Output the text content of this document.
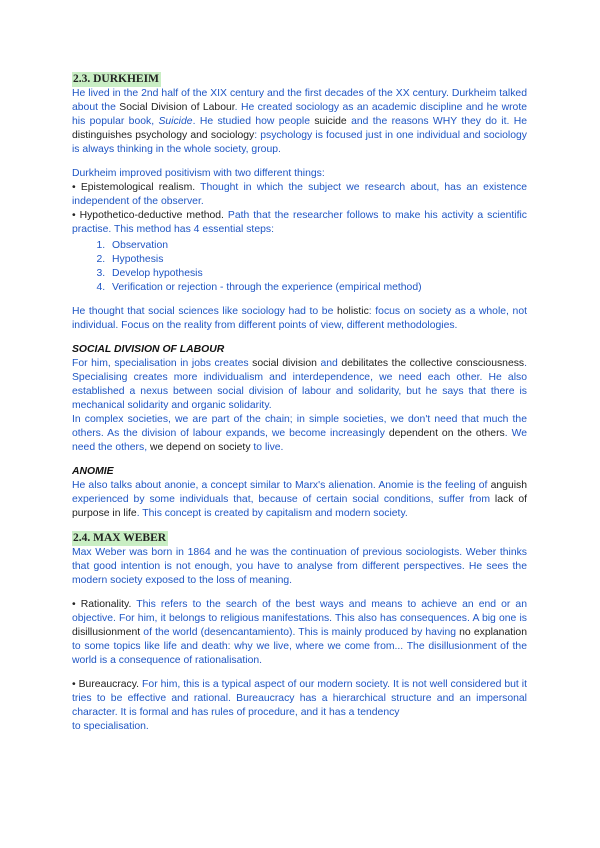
2.3. DURKHEIM

He lived in the 2nd half of the XIX century and the first decades of the XX century. Durkheim talked about the Social Division of Labour. He created sociology as an academic discipline and he wrote his popular book, Suicide. He studied how people suicide and the reasons WHY they do it. He distinguishes psychology and sociology: psychology is focused just in one individual and sociology is always thinking in the whole society, group.

Durkheim improved positivism with two different things:

• Epistemological realism. Thought in which the subject we research about, has an existence independent of the observer.

• Hypothetico-deductive method. Path that the researcher follows to make his activity a scientific practise. This method has 4 essential steps:

1. Observation
2. Hypothesis
3. Develop hypothesis
4. Verification or rejection - through the experience (empirical method)

He thought that social sciences like sociology had to be holistic: focus on society as a whole, not individual. Focus on the reality from different points of view, different methodologies.

SOCIAL DIVISION OF LABOUR

For him, specialisation in jobs creates social division and debilitates the collective consciousness. Specialising creates more individualism and interdependence, we need each other. He also established a nexus between social division of labour and solidarity, but he says that there is mechanical solidarity and organic solidarity.

In complex societies, we are part of the chain; in simple societies, we don't need that much the others. As the division of labour expands, we become increasingly dependent on the others. We need the others, we depend on society to live.

ANOMIE

He also talks about anonie, a concept similar to Marx's alienation. Anomie is the feeling of anguish experienced by some individuals that, because of certain social conditions, suffer from lack of purpose in life. This concept is created by capitalism and modern society.

2.4. MAX WEBER

Max Weber was born in 1864 and he was the continuation of previous sociologists. Weber thinks that good intention is not enough, you have to analyse from different perspectives. He sees the modern society exposed to the loss of meaning.

• Rationality. This refers to the search of the best ways and means to achieve an end or an objective. For him, it belongs to religious manifestations. This also has consequences. A big one is disillusionment of the world (desencantamiento). This is mainly produced by having no explanation to some topics like life and death: why we live, where we come from... The disillusionment of the world is a consequence of rationalisation.

• Bureaucracy. For him, this is a typical aspect of our modern society. It is not well considered but it tries to be effective and rational. Bureaucracy has a hierarchical structure and an impersonal character. It is formal and has rules of procedure, and it has a tendency
to specialisation.
